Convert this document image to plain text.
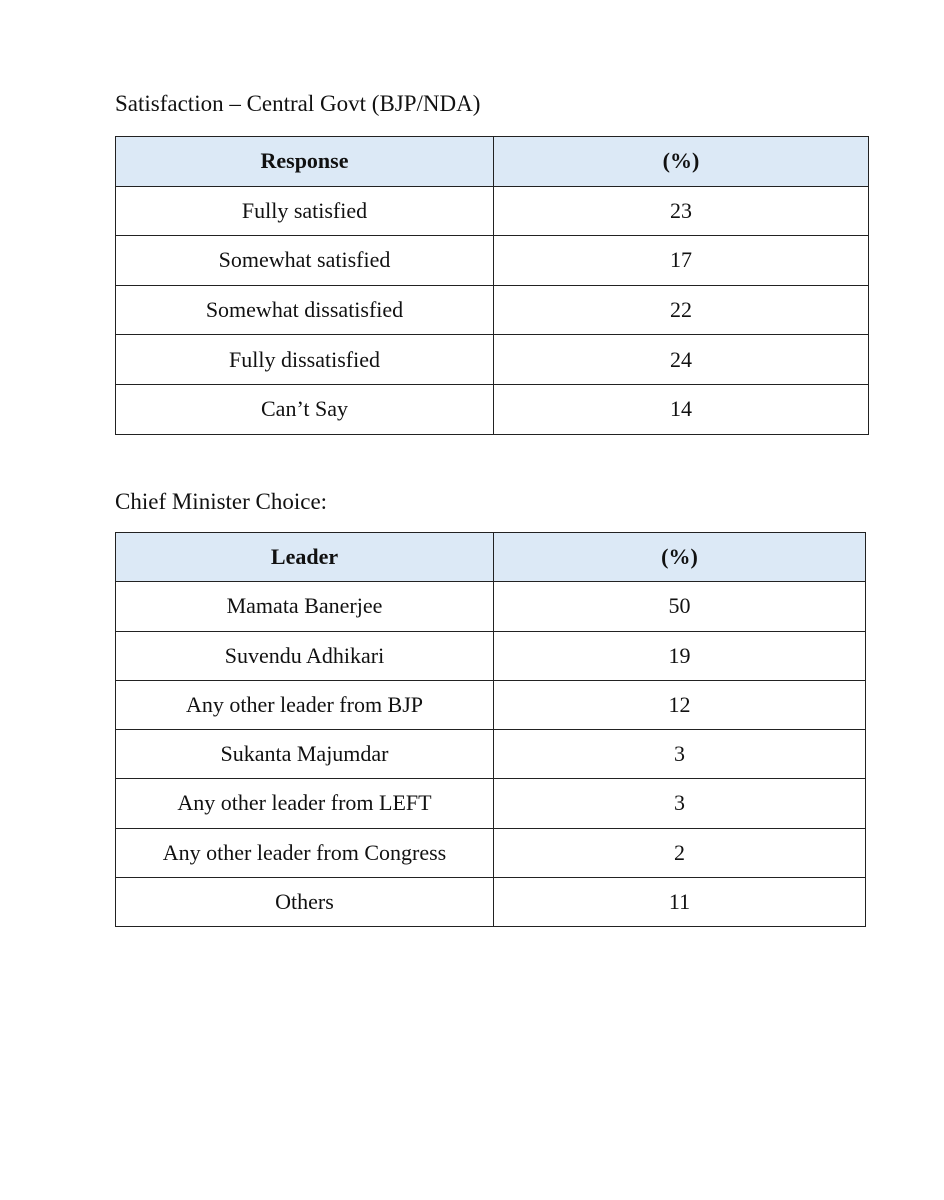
Satisfaction – Central Govt (BJP/NDA)

Response	(%)
Fully satisfied	23
Somewhat satisfied	17
Somewhat dissatisfied	22
Fully dissatisfied	24
Can’t Say	14

Chief Minister Choice:

Leader	(%)
Mamata Banerjee	50
Suvendu Adhikari	19
Any other leader from BJP	12
Sukanta Majumdar	3
Any other leader from LEFT	3
Any other leader from Congress	2
Others	11
